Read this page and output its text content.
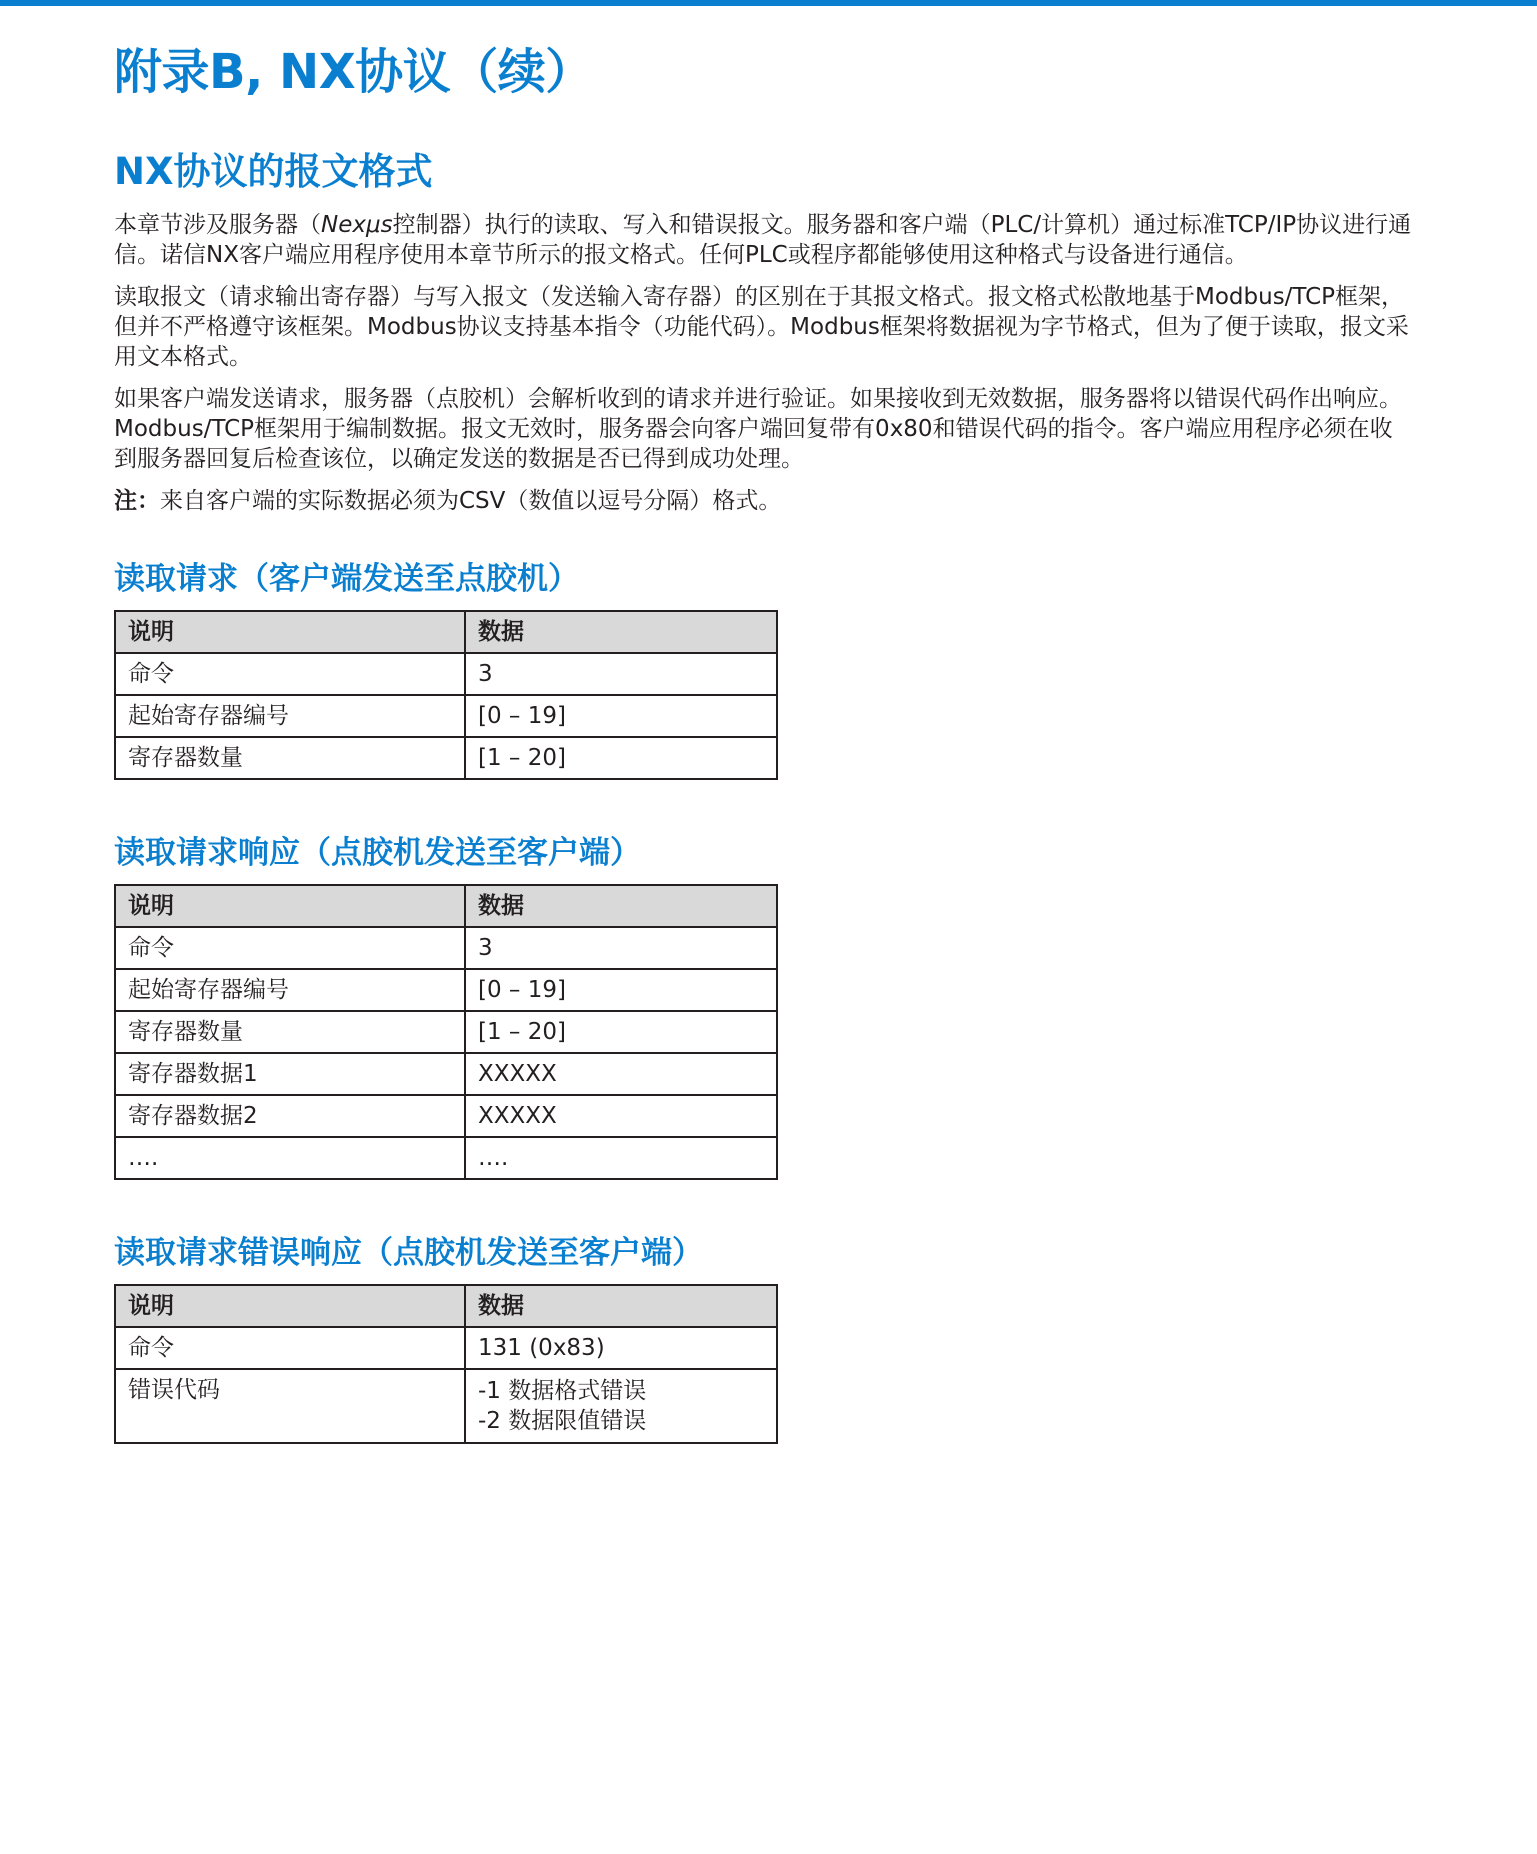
附录B, NX协议（续）
NX协议的报文格式

本章节涉及服务器（Nexμs控制器）执行的读取、写入和错误报文。服务器和客户端（PLC/计算机）通过标准TCP/IP协议进行通信。诺信NX客户端应用程序使用本章节所示的报文格式。任何PLC或程序都能够使用这种格式与设备进行通信。

读取报文（请求输出寄存器）与写入报文（发送输入寄存器）的区别在于其报文格式。报文格式松散地基于Modbus/TCP框架，但并不严格遵守该框架。Modbus协议支持基本指令（功能代码）。Modbus框架将数据视为字节格式，但为了便于读取，报文采用文本格式。

如果客户端发送请求，服务器（点胶机）会解析收到的请求并进行验证。如果接收到无效数据，服务器将以错误代码作出响应。Modbus/TCP框架用于编制数据。报文无效时，服务器会向客户端回复带有0x80和错误代码的指令。客户端应用程序必须在收到服务器回复后检查该位，以确定发送的数据是否已得到成功处理。

注：来自客户端的实际数据必须为CSV（数值以逗号分隔）格式。

读取请求（客户端发送至点胶机）
说明	数据
命令	3
起始寄存器编号	[0 – 19]
寄存器数量	[1 – 20]
读取请求响应（点胶机发送至客户端）
说明	数据
命令	3
起始寄存器编号	[0 – 19]
寄存器数量	[1 – 20]
寄存器数据1	XXXXX
寄存器数据2	XXXXX
….	….
读取请求错误响应（点胶机发送至客户端）
说明	数据
命令	131 (0x83)
错误代码	-1 数据格式错误
-2 数据限值错误
